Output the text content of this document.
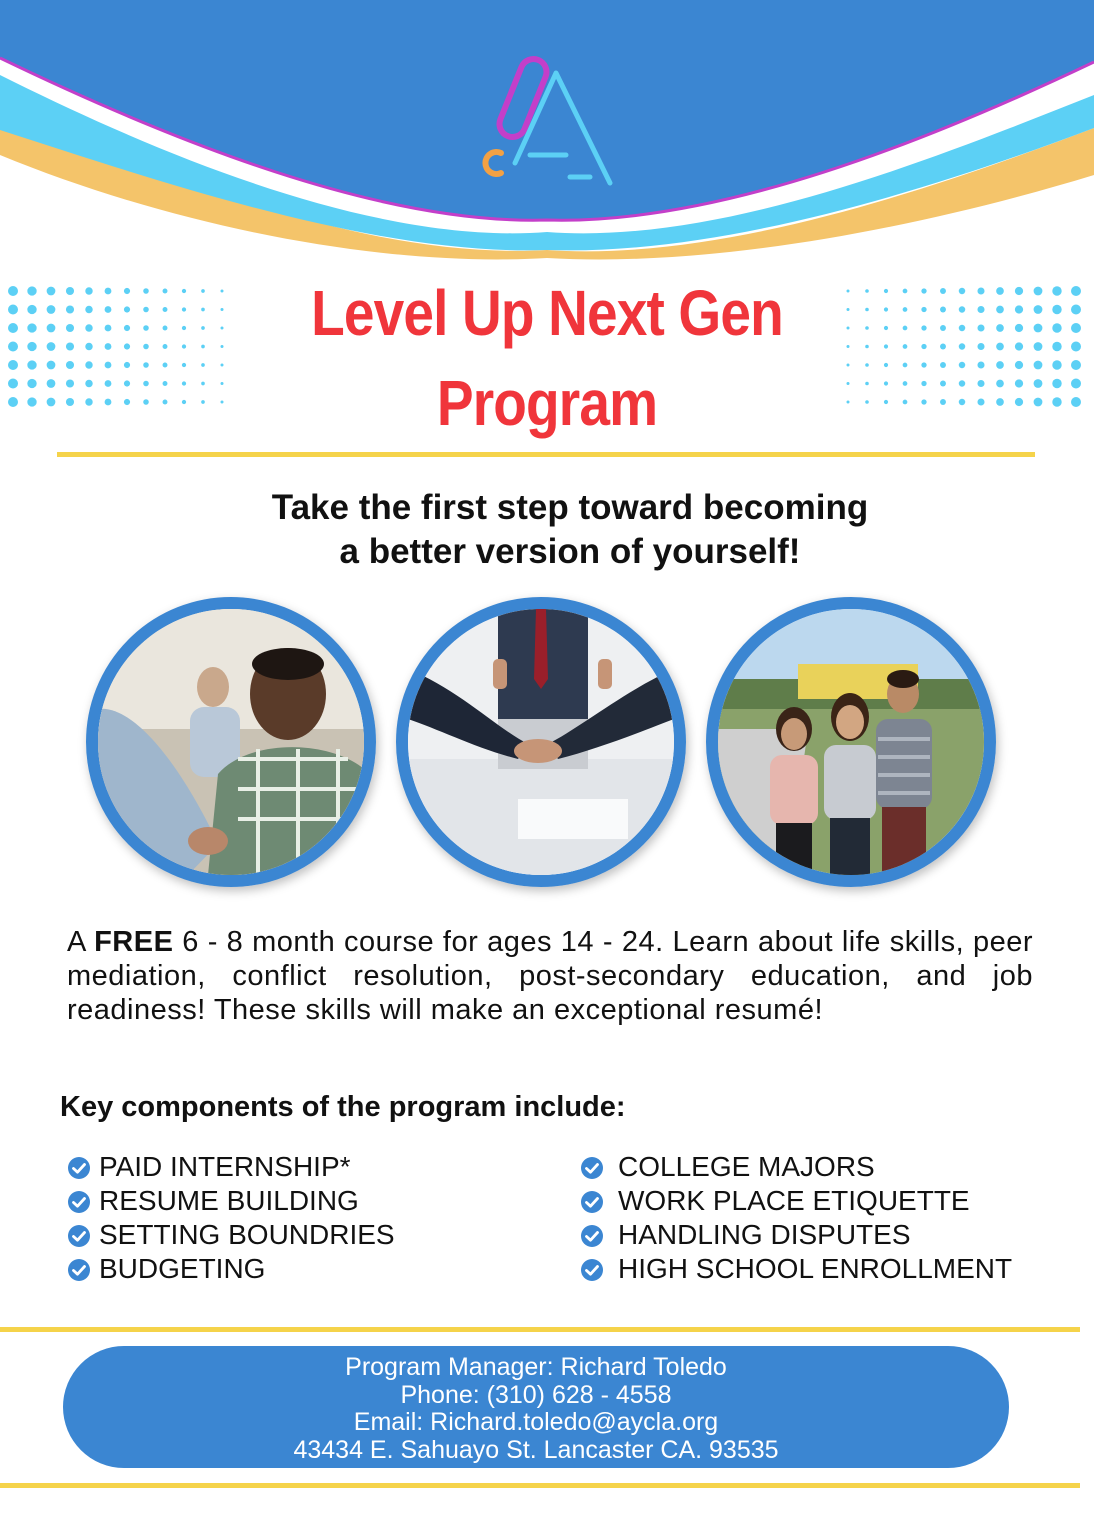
Level Up Next Gen
Program
Take the first step toward becoming
a better version of yourself!
A FREE 6 - 8 month course for ages 14 - 24. Learn about life skills, peer mediation, conflict resolution, post-secondary education, and job readiness! These skills will make an exceptional resumé!
Key components of the program include:
PAID INTERNSHIP*
RESUME BUILDING
SETTING BOUNDRIES
BUDGETING
COLLEGE MAJORS
WORK PLACE ETIQUETTE
HANDLING DISPUTES
HIGH SCHOOL ENROLLMENT
Program Manager: Richard Toledo
Phone: (310) 628 - 4558
Email: Richard.toledo@aycla.org
43434 E. Sahuayo St. Lancaster CA. 93535
